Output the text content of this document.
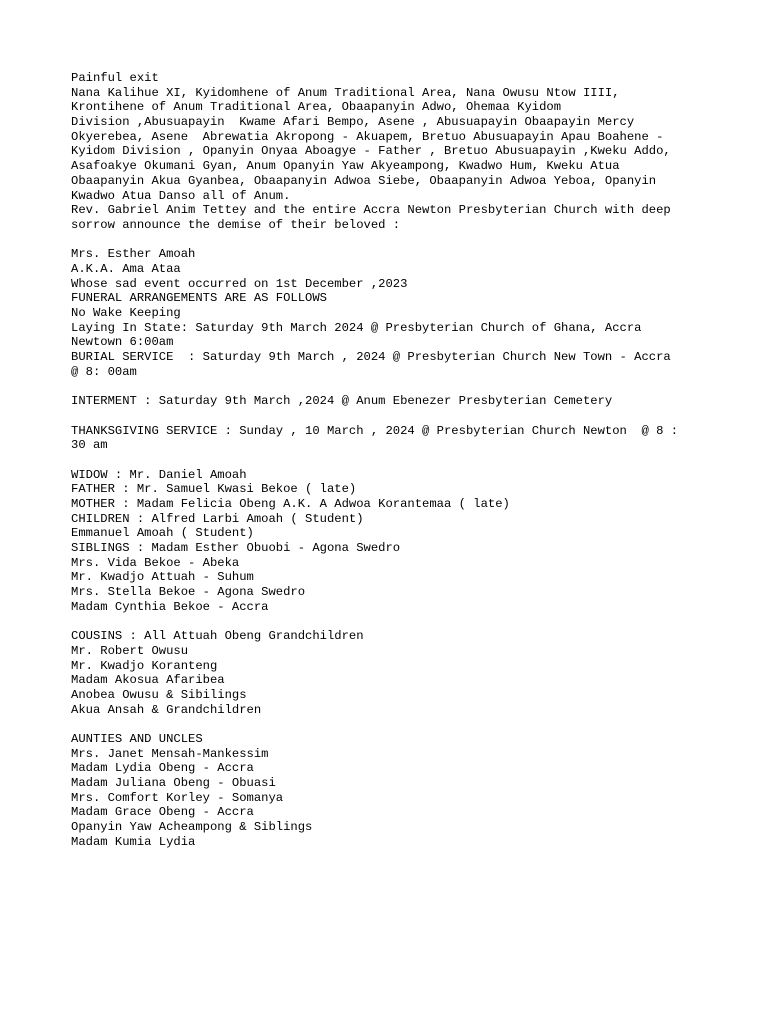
Painful exit
Nana Kalihue XI, Kyidomhene of Anum Traditional Area, Nana Owusu Ntow IIII,
Krontihene of Anum Traditional Area, Obaapanyin Adwo, Ohemaa Kyidom
Division ,Abusuapayin  Kwame Afari Bempo, Asene , Abusuapayin Obaapayin Mercy
Okyerebea, Asene  Abrewatia Akropong - Akuapem, Bretuo Abusuapayin Apau Boahene -
Kyidom Division , Opanyin Onyaa Aboagye - Father , Bretuo Abusuapayin ,Kweku Addo,
Asafoakye Okumani Gyan, Anum Opanyin Yaw Akyeampong, Kwadwo Hum, Kweku Atua
Obaapanyin Akua Gyanbea, Obaapanyin Adwoa Siebe, Obaapanyin Adwoa Yeboa, Opanyin
Kwadwo Atua Danso all of Anum.
Rev. Gabriel Anim Tettey and the entire Accra Newton Presbyterian Church with deep
sorrow announce the demise of their beloved :
Mrs. Esther Amoah
A.K.A. Ama Ataa
Whose sad event occurred on 1st December ,2023
FUNERAL ARRANGEMENTS ARE AS FOLLOWS
No Wake Keeping
Laying In State: Saturday 9th March 2024 @ Presbyterian Church of Ghana, Accra
Newtown 6:00am
BURIAL SERVICE  : Saturday 9th March , 2024 @ Presbyterian Church New Town - Accra
@ 8: 00am
INTERMENT : Saturday 9th March ,2024 @ Anum Ebenezer Presbyterian Cemetery
THANKSGIVING SERVICE : Sunday , 10 March , 2024 @ Presbyterian Church Newton  @ 8 :
30 am
WIDOW : Mr. Daniel Amoah
FATHER : Mr. Samuel Kwasi Bekoe ( late)
MOTHER : Madam Felicia Obeng A.K. A Adwoa Korantemaa ( late)
CHILDREN : Alfred Larbi Amoah ( Student)
Emmanuel Amoah ( Student)
SIBLINGS : Madam Esther Obuobi - Agona Swedro
Mrs. Vida Bekoe - Abeka
Mr. Kwadjo Attuah - Suhum
Mrs. Stella Bekoe - Agona Swedro
Madam Cynthia Bekoe - Accra
COUSINS : All Attuah Obeng Grandchildren
Mr. Robert Owusu
Mr. Kwadjo Koranteng
Madam Akosua Afaribea
Anobea Owusu & Sibilings
Akua Ansah & Grandchildren
AUNTIES AND UNCLES
Mrs. Janet Mensah-Mankessim
Madam Lydia Obeng - Accra
Madam Juliana Obeng - Obuasi
Mrs. Comfort Korley - Somanya
Madam Grace Obeng - Accra
Opanyin Yaw Acheampong & Siblings
Madam Kumia Lydia
